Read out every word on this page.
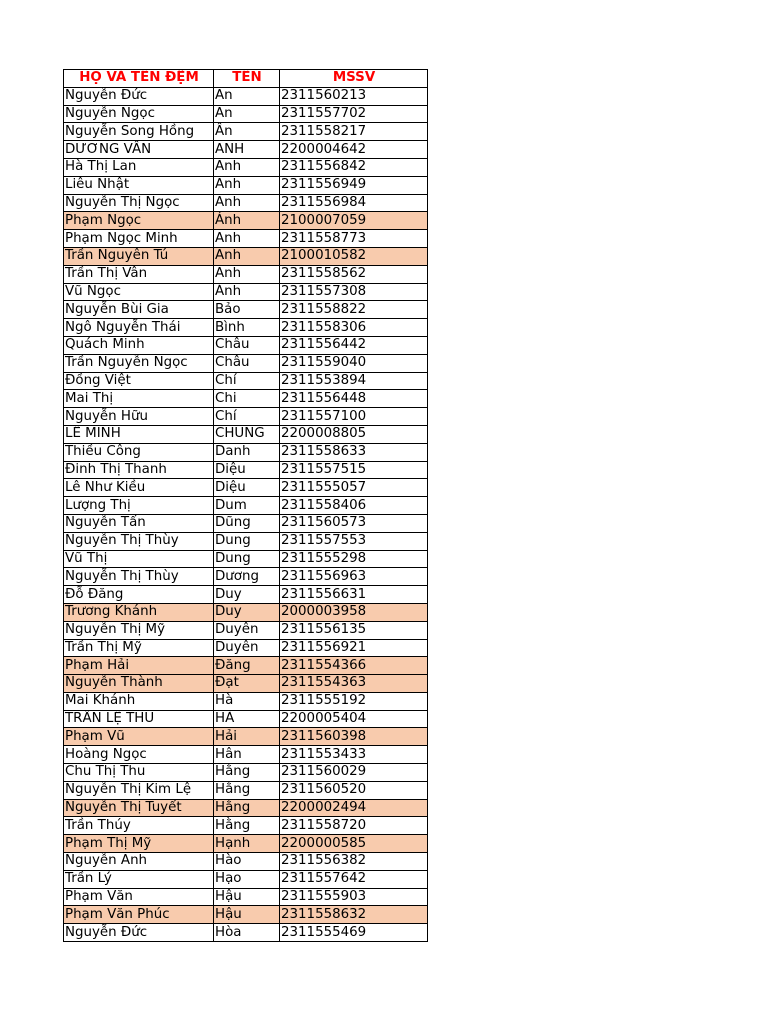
HỌ VÀ TÊN ĐỆM	TÊN	MSSV
Nguyễn Đức	An	2311560213
Nguyễn Ngọc	An	2311557702
Nguyễn Song Hồng	Ân	2311558217
DƯƠNG VÂN	ANH	2200004642
Hà Thị Lan	Anh	2311556842
Liêu Nhật	Anh	2311556949
Nguyễn Thị Ngọc	Anh	2311556984
Phạm Ngọc	Ánh	2100007059
Phạm Ngọc Minh	Anh	2311558773
Trần Nguyên Tú	Anh	2100010582
Trần Thị Vân	Anh	2311558562
Vũ Ngọc	Ánh	2311557308
Nguyễn Bùi Gia	Bảo	2311558822
Ngô Nguyễn Thái	Bình	2311558306
Quách Minh	Châu	2311556442
Trần Nguyễn Ngọc	Châu	2311559040
Đồng Việt	Chí	2311553894
Mai Thị	Chi	2311556448
Nguyễn Hữu	Chí	2311557100
LÊ MINH	CHUNG	2200008805
Thiều Công	Danh	2311558633
Đinh Thị Thanh	Diệu	2311557515
Lê Như Kiều	Diệu	2311555057
Lượng Thị	Dum	2311558406
Nguyễn Tấn	Dũng	2311560573
Nguyễn Thị Thùy	Dung	2311557553
Vũ Thị	Dung	2311555298
Nguyễn Thị Thùy	Dương	2311556963
Đỗ Đăng	Duy	2311556631
Trương Khánh	Duy	2000003958
Nguyễn Thị Mỹ	Duyên	2311556135
Trần Thị Mỹ	Duyên	2311556921
Phạm Hải	Đăng	2311554366
Nguyễn Thành	Đạt	2311554363
Mai Khánh	Hà	2311555192
TRẦN LỆ THU	HÀ	2200005404
Phạm Vũ	Hải	2311560398
Hoàng Ngọc	Hân	2311553433
Chu Thị Thu	Hằng	2311560029
Nguyễn Thị Kim Lệ	Hằng	2311560520
Nguyễn Thị Tuyết	Hằng	2200002494
Trần Thúy	Hằng	2311558720
Phạm Thị Mỹ	Hạnh	2200000585
Nguyễn Anh	Hào	2311556382
Trần Lý	Hạo	2311557642
Phạm Văn	Hậu	2311555903
Phạm Văn Phúc	Hậu	2311558632
Nguyễn Đức	Hòa	2311555469
